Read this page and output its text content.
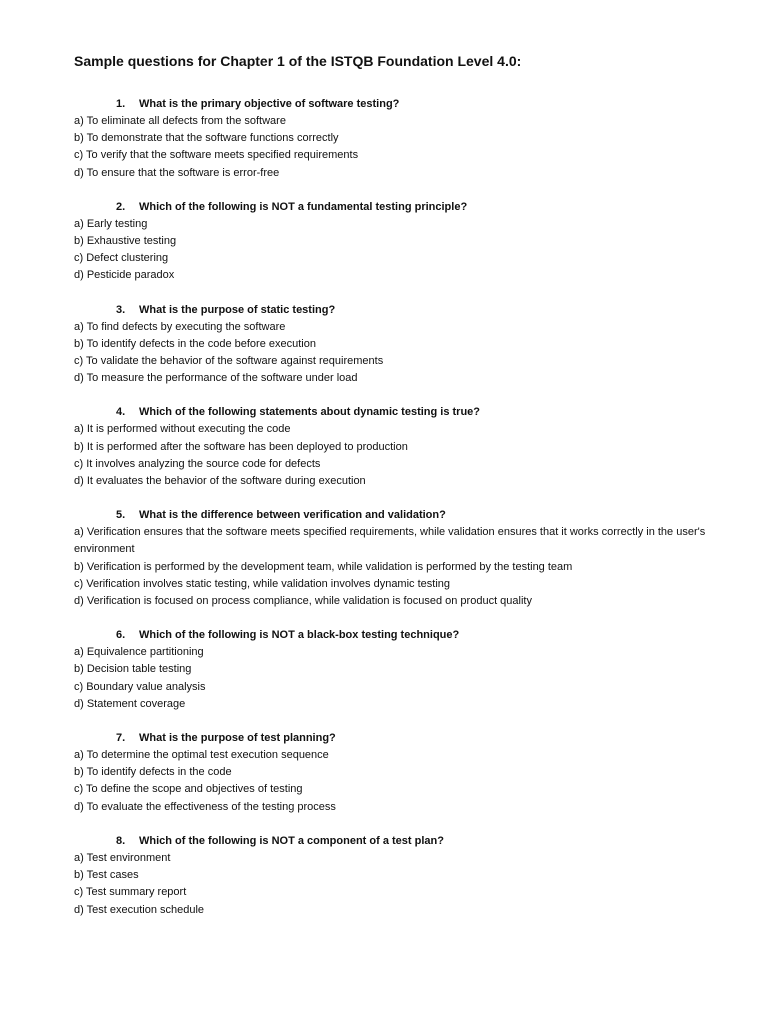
Sample questions for Chapter 1 of the ISTQB Foundation Level 4.0:
1.	What is the primary objective of software testing?
a) To eliminate all defects from the software
b) To demonstrate that the software functions correctly
c) To verify that the software meets specified requirements
d) To ensure that the software is error-free
2.	Which of the following is NOT a fundamental testing principle?
a) Early testing
b) Exhaustive testing
c) Defect clustering
d) Pesticide paradox
3.	What is the purpose of static testing?
a) To find defects by executing the software
b) To identify defects in the code before execution
c) To validate the behavior of the software against requirements
d) To measure the performance of the software under load
4.	Which of the following statements about dynamic testing is true?
a) It is performed without executing the code
b) It is performed after the software has been deployed to production
c) It involves analyzing the source code for defects
d) It evaluates the behavior of the software during execution
5.	What is the difference between verification and validation?
a) Verification ensures that the software meets specified requirements, while validation ensures that it works correctly in the user's environment
b) Verification is performed by the development team, while validation is performed by the testing team
c) Verification involves static testing, while validation involves dynamic testing
d) Verification is focused on process compliance, while validation is focused on product quality
6.	Which of the following is NOT a black-box testing technique?
a) Equivalence partitioning
b) Decision table testing
c) Boundary value analysis
d) Statement coverage
7.	What is the purpose of test planning?
a) To determine the optimal test execution sequence
b) To identify defects in the code
c) To define the scope and objectives of testing
d) To evaluate the effectiveness of the testing process
8.	Which of the following is NOT a component of a test plan?
a) Test environment
b) Test cases
c) Test summary report
d) Test execution schedule
